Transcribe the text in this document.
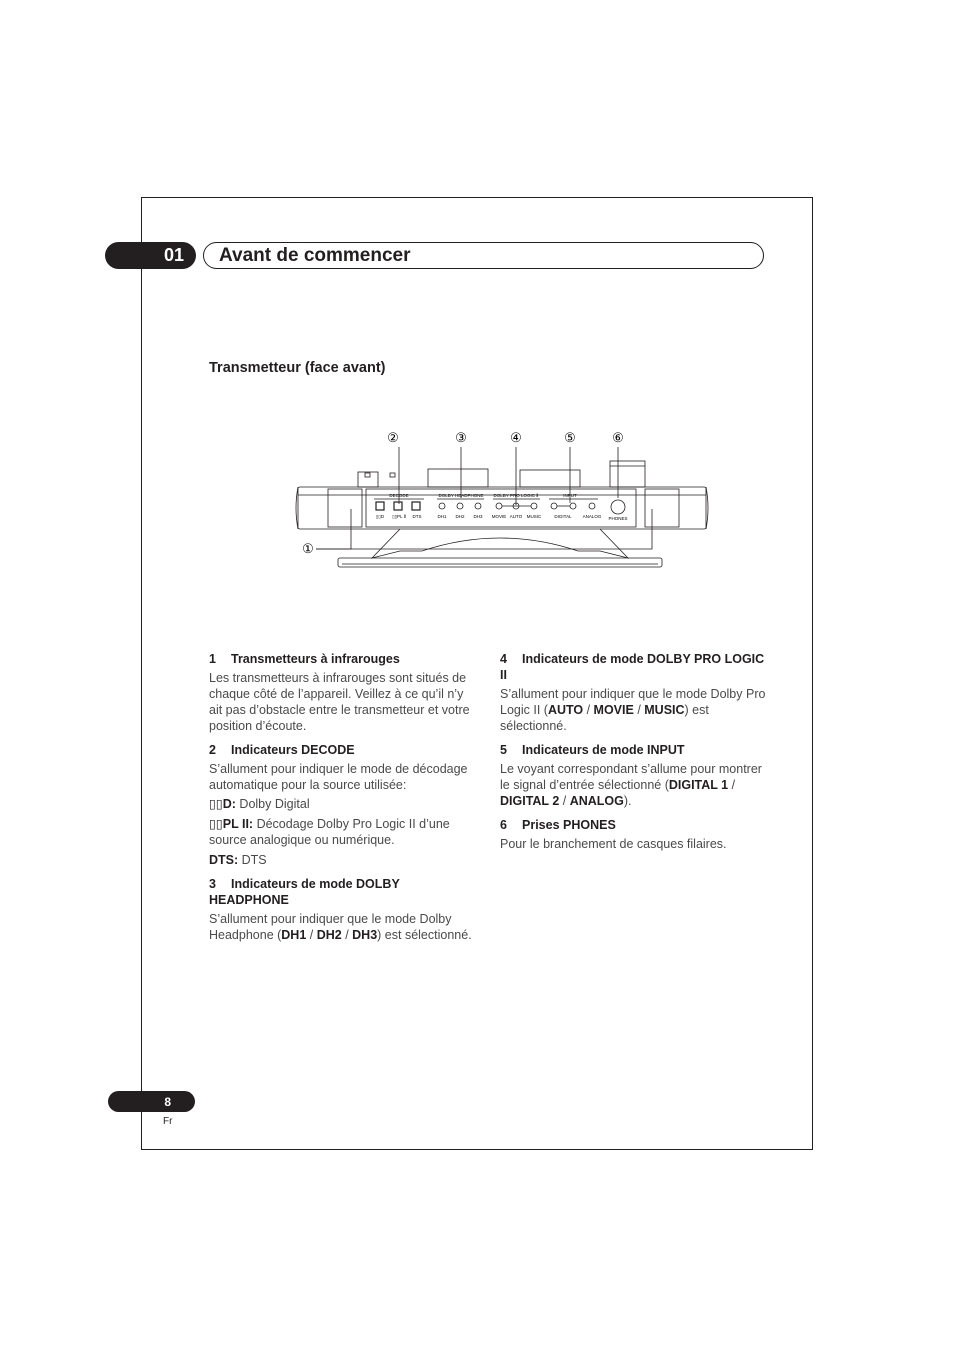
01	Avant de commencer
Transmetteur (face avant)
②	③	④	⑤	⑥
①
DECODE	DOLBY HEADPHONE DOLBY PRO LOGIC Ⅱ	INPUT
PHONES
▯▯D ▯▯PL Ⅱ DTS	DH1 DH2 DH3 MOVIE AUTO MUSIC	DIGITAL ANALOG

1 Transmetteurs à infrarouges

Les transmetteurs à infrarouges sont situés de chaque côté de l’appareil. Veillez à ce qu’il n’y ait pas d’obstacle entre le transmetteur et votre position d’écoute.

2 Indicateurs DECODE

S’allument pour indiquer le mode de décodage automatique pour la source utilisée:

▯▯D: Dolby Digital

▯▯PL II: Décodage Dolby Pro Logic II d’une source analogique ou numérique.

DTS: DTS

3 Indicateurs de mode DOLBY HEADPHONE

S’allument pour indiquer que le mode Dolby Headphone (DH1 / DH2 / DH3) est sélectionné.

4 Indicateurs de mode DOLBY PRO LOGIC II

S’allument pour indiquer que le mode Dolby Pro Logic II (AUTO / MOVIE / MUSIC) est sélectionné.

5 Indicateurs de mode INPUT

Le voyant correspondant s’allume pour montrer le signal d’entrée sélectionné (DIGITAL 1 / DIGITAL 2 / ANALOG).

6 Prises PHONES

Pour le branchement de casques filaires.

8
Fr
